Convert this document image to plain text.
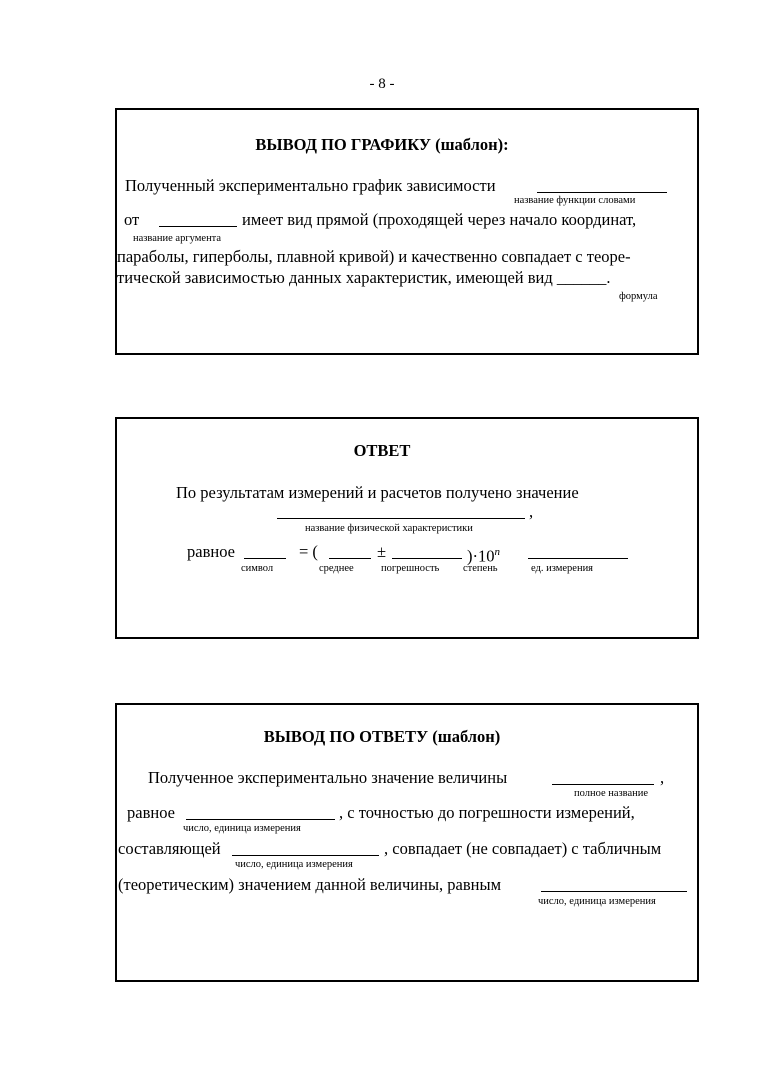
- 8 -
ВЫВОД ПО ГРАФИКУ (шаблон):
Полученный экспериментально график зависимости
название функции словами
от	имеет вид прямой (проходящей через начало координат,
название аргумента
параболы, гиперболы, плавной кривой) и качественно совпадает с теоре-
тической зависимостью данных характеристик, имеющей вид ______.
формула
ОТВЕТ
По результатам измерений и расчетов получено значение
,
название физической характеристики
равное	= (	±	)$\cdot 10^n$
символ	среднее	погрешность степень	ед. измерения
ВЫВОД ПО ОТВЕТУ (шаблон)
Полученное экспериментально значение величины	,
полное название
равное	, с точностью до погрешности измерений,
число, единица измерения
составляющей	, совпадает (не совпадает) с табличным
число, единица измерения
(теоретическим) значением данной величины, равным
число, единица измерения
